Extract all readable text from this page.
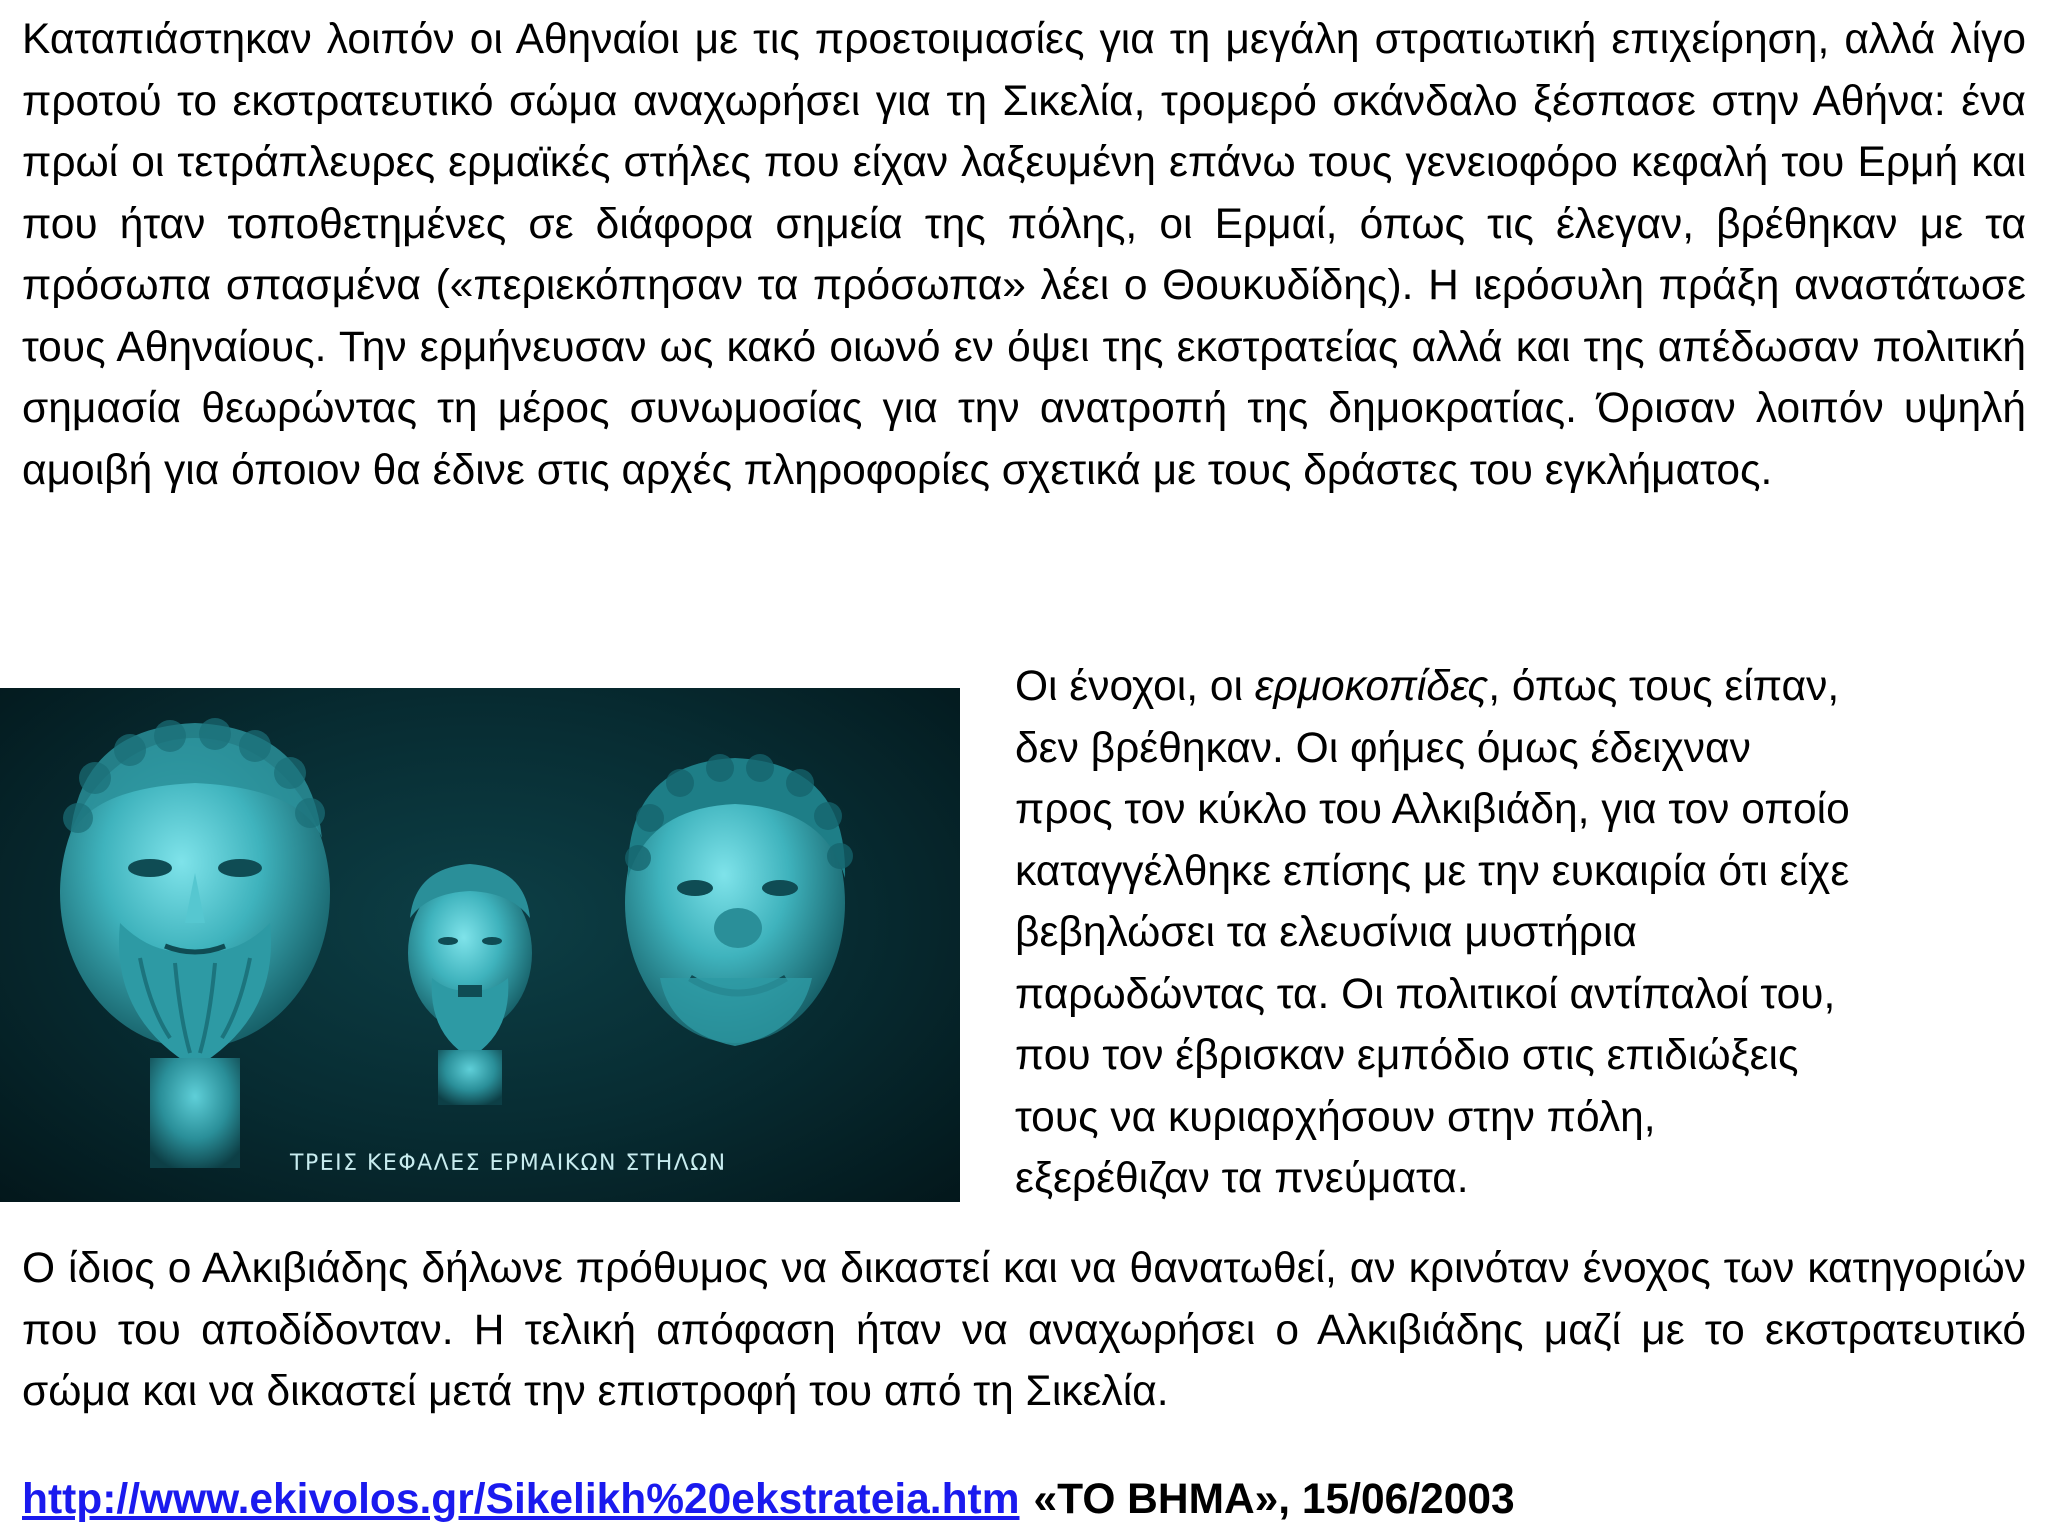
Καταπιάστηκαν λοιπόν οι Αθηναίοι με τις προετοιμασίες για τη μεγάλη στρατιωτική επιχείρηση, αλλά λίγο προτού το εκστρατευτικό σώμα αναχωρήσει για τη Σικελία, τρομερό σκάνδαλο ξέσπασε στην Αθήνα: ένα πρωί οι τετράπλευρες ερμαϊκές στήλες που είχαν λαξευμένη επάνω τους γενειοφόρο κεφαλή του Ερμή και που ήταν τοποθετημένες σε διάφορα σημεία της πόλης, οι Ερμαί, όπως τις έλεγαν, βρέθηκαν με τα πρόσωπα σπασμένα («περιεκόπησαν τα πρόσωπα» λέει ο Θουκυδίδης). Η ιερόσυλη πράξη αναστάτωσε τους Αθηναίους. Την ερμήνευσαν ως κακό οιωνό εν όψει της εκστρατείας αλλά και της απέδωσαν πολιτική σημασία θεωρώντας τη μέρος συνωμοσίας για την ανατροπή της δημοκρατίας. Όρισαν λοιπόν υψηλή αμοιβή για όποιον θα έδινε στις αρχές πληροφορίες σχετικά με τους δράστες του εγκλήματος.

ΤΡΕΙΣ ΚΕΦΑΛΕΣ ΕΡΜΑΙΚΩΝ ΣΤΗΛΩΝ
Οι ένοχοι, οι ερμοκοπίδες, όπως τους είπαν,
δεν βρέθηκαν. Οι φήμες όμως έδειχναν
προς τον κύκλο του Αλκιβιάδη, για τον οποίο
καταγγέλθηκε επίσης με την ευκαιρία ότι είχε
βεβηλώσει τα ελευσίνια μυστήρια
παρωδώντας τα. Οι πολιτικοί αντίπαλοί του,
που τον έβρισκαν εμπόδιο στις επιδιώξεις
τους να κυριαρχήσουν στην πόλη,
εξερέθιζαν τα πνεύματα.

Ο ίδιος ο Αλκιβιάδης δήλωνε πρόθυμος να δικαστεί και να θανατωθεί, αν κρινόταν ένοχος των κατηγοριών που του αποδίδονταν. Η τελική απόφαση ήταν να αναχωρήσει ο Αλκιβιάδης μαζί με το εκστρατευτικό σώμα και να δικαστεί μετά την επιστροφή του από τη Σικελία.

http://www.ekivolos.gr/Sikelikh%20ekstrateia.htm «ΤΟ ΒΗΜΑ», 15/06/2003
